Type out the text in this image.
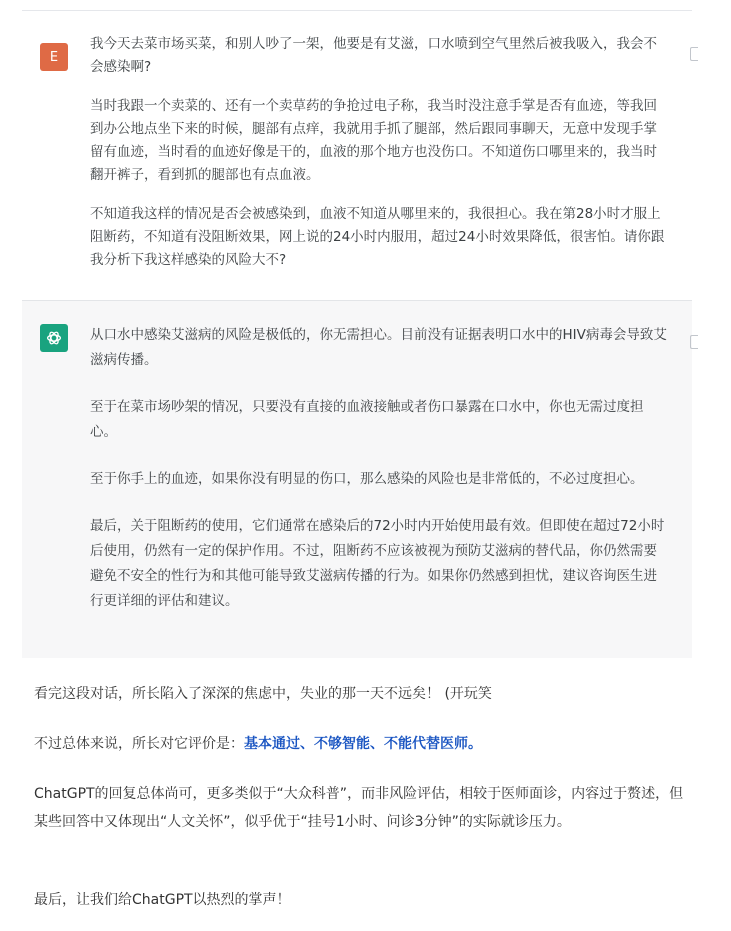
E

我今天去菜市场买菜，和别人吵了一架，他要是有艾滋，口水喷到空气里然后被我吸入，我会不会感染啊?

当时我跟一个卖菜的、还有一个卖草药的争抢过电子称，我当时没注意手掌是否有血迹，等我回到办公地点坐下来的时候，腿部有点痒，我就用手抓了腿部，然后跟同事聊天，无意中发现手掌留有血迹，当时看的血迹好像是干的，血液的那个地方也没伤口。不知道伤口哪里来的，我当时翻开裤子，看到抓的腿部也有点血液。

不知道我这样的情况是否会被感染到，血液不知道从哪里来的，我很担心。我在第28小时才服上阻断药，不知道有没阻断效果，网上说的24小时内服用，超过24小时效果降低，很害怕。请你跟我分析下我这样感染的风险大不?

从口水中感染艾滋病的风险是极低的，你无需担心。目前没有证据表明口水中的HIV病毒会导致艾滋病传播。

至于在菜市场吵架的情况，只要没有直接的血液接触或者伤口暴露在口水中，你也无需过度担心。

至于你手上的血迹，如果你没有明显的伤口，那么感染的风险也是非常低的，不必过度担心。

最后，关于阻断药的使用，它们通常在感染后的72小时内开始使用最有效。但即使在超过72小时后使用，仍然有一定的保护作用。不过，阻断药不应该被视为预防艾滋病的替代品，你仍然需要避免不安全的性行为和其他可能导致艾滋病传播的行为。如果你仍然感到担忧，建议咨询医生进行更详细的评估和建议。

看完这段对话，所长陷入了深深的焦虑中，失业的那一天不远矣！ (开玩笑

不过总体来说，所长对它评价是：基本通过、不够智能、不能代替医师。

ChatGPT的回复总体尚可，更多类似于“大众科普”，而非风险评估，相较于医师面诊，内容过于赘述，但某些回答中又体现出“人文关怀”，似乎优于“挂号1小时、问诊3分钟”的实际就诊压力。

最后，让我们给ChatGPT以热烈的掌声！
